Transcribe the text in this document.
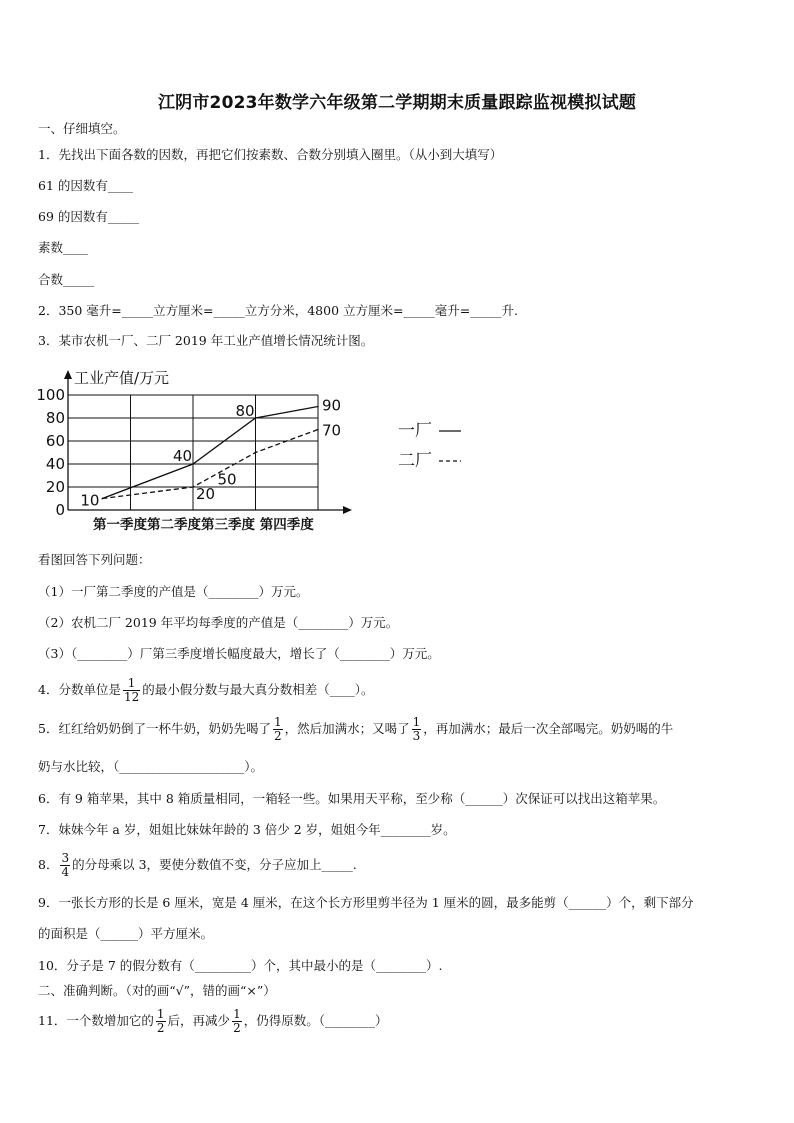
江阴市2023年数学六年级第二学期期末质量跟踪监视模拟试题
一、仔细填空。
1．先找出下面各数的因数，再把它们按素数、合数分别填入圈里。（从小到大填写）
61 的因数有____
69 的因数有_____
素数____
合数_____
2．350 毫升=_____立方厘米=_____立方分米，4800 立方厘米=_____毫升=_____升.
3．某市农机一厂、二厂 2019 年工业产值增长情况统计图。
0
20
40
60
80
100
工业产值/万元
第一季度第二季度第三季度 第四季度
10
40
80	90
20
50
70	一厂
二厂
看图回答下列问题：
（1）一厂第二季度的产值是（________）万元。
（2）农机二厂 2019 年平均每季度的产值是（________）万元。
（3）（________）厂第三季度增长幅度最大，增长了（________）万元。
4．分数单位是 $\frac{1}{12}$ 的最小假分数与最大真分数相差（____）。
5．红红给奶奶倒了一杯牛奶，奶奶先喝了 $\frac{1}{2}$ ，然后加满水；又喝了 $\frac{1}{3}$ ，再加满水；最后一次全部喝完。奶奶喝的牛
奶与水比较，（____________________）。
6．有 9 箱苹果，其中 8 箱质量相同，一箱轻一些。如果用天平称，至少称（______）次保证可以找出这箱苹果。
7．妹妹今年 a 岁，姐姐比妹妹年龄的 3 倍少 2 岁，姐姐今年________岁。
8． $\frac{3}{4}$ 的分母乘以 3，要使分数值不变，分子应加上_____.
9．一张长方形的长是 6 厘米，宽是 4 厘米，在这个长方形里剪半径为 1 厘米的圆，最多能剪（______）个，剩下部分
的面积是（______）平方厘米。
10．分子是 7 的假分数有（_________）个，其中最小的是（________）.
二、准确判断。（对的画“√”，错的画“×”）
11．一个数增加它的 $\frac{1}{2}$ 后，再减少 $\frac{1}{2}$ ，仍得原数。（________）
